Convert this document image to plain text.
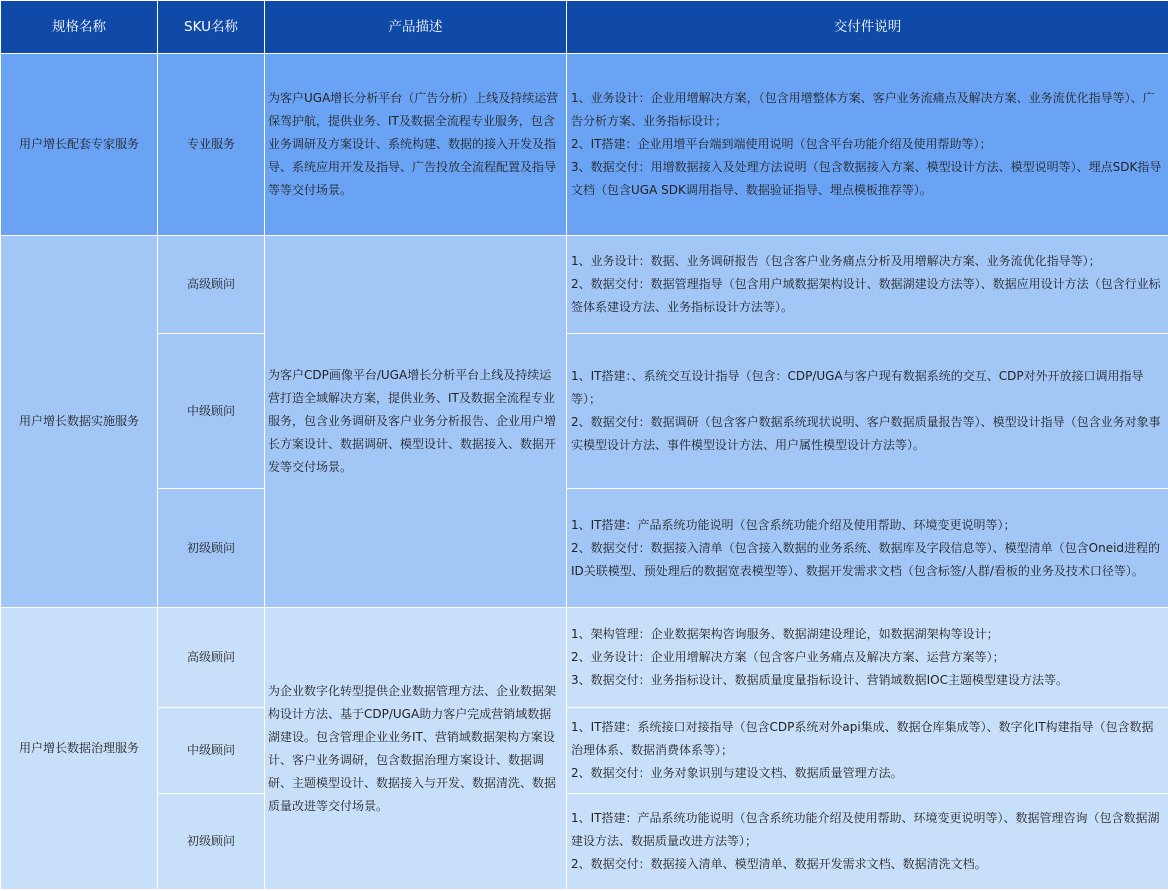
规格名称	SKU名称	产品描述	交付件说明
用户增长配套专家服务	专业服务	为客户UGA增长分析平台（广告分析）上线及持续运营保驾护航，提供业务、IT及数据全流程专业服务，包含业务调研及方案设计、系统构建、数据的接入开发及指导、系统应用开发及指导、广告投放全流程配置及指导等等交付场景。	1、业务设计：企业用增解决方案，（包含用增整体方案、客户业务流痛点及解决方案、业务流优化指导等）、广告分析方案、业务指标设计；
2、IT搭建：企业用增平台端到端使用说明（包含平台功能介绍及使用帮助等）；
3、数据交付：用增数据接入及处理方法说明（包含数据接入方案、模型设计方法、模型说明等）、埋点SDK指导文档（包含UGA SDK调用指导、数据验证指导、埋点模板推荐等）。

用户增长数据实施服务	高级顾问	为客户CDP画像平台/UGA增长分析平台上线及持续运营打造全域解决方案，提供业务、IT及数据全流程专业服务，包含业务调研及客户业务分析报告、企业用户增长方案设计、数据调研、模型设计、数据接入、数据开发等交付场景。	1、业务设计：数据、业务调研报告（包含客户业务痛点分析及用增解决方案、业务流优化指导等）；
2、数据交付：数据管理指导（包含用户域数据架构设计、数据湖建设方法等）、数据应用设计方法（包含行业标签体系建设方法、业务指标设计方法等）。

	中级顾问		1、IT搭建：、系统交互设计指导（包含：CDP/UGA与客户现有数据系统的交互、CDP对外开放接口调用指导等）；
2、数据交付：数据调研（包含客户数据系统现状说明、客户数据质量报告等）、模型设计指导（包含业务对象事实模型设计方法、事件模型设计方法、用户属性模型设计方法等）。

	初级顾问		1、IT搭建：产品系统功能说明（包含系统功能介绍及使用帮助、环境变更说明等）；
2、数据交付：数据接入清单（包含接入数据的业务系统、数据库及字段信息等）、模型清单（包含Oneid进程的ID关联模型、预处理后的数据宽表模型等）、数据开发需求文档（包含标签/人群/看板的业务及技术口径等）。

用户增长数据治理服务	高级顾问	为企业数字化转型提供企业数据管理方法、企业数据架构设计方法、基于CDP/UGA助力客户完成营销域数据湖建设。包含管理企业业务IT、营销域数据架构方案设计、客户业务调研，包含数据治理方案设计、数据调研、主题模型设计、数据接入与开发、数据清洗、数据质量改进等交付场景。	1、架构管理：企业数据架构咨询服务、数据湖建设理论，如数据湖架构等设计；
2、业务设计：企业用增解决方案（包含客户业务痛点及解决方案、运营方案等）；
3、数据交付：业务指标设计、数据质量度量指标设计、营销域数据IOC主题模型建设方法等。

	中级顾问		1、IT搭建：系统接口对接指导（包含CDP系统对外api集成、数据仓库集成等）、数字化IT构建指导（包含数据治理体系、数据消费体系等）；
2、数据交付：业务对象识别与建设文档、数据质量管理方法。

	初级顾问		1、IT搭建：产品系统功能说明（包含系统功能介绍及使用帮助、环境变更说明等）、数据管理咨询（包含数据湖建设方法、数据质量改进方法等）；
2、数据交付：数据接入清单、模型清单、数据开发需求文档、数据清洗文档。
